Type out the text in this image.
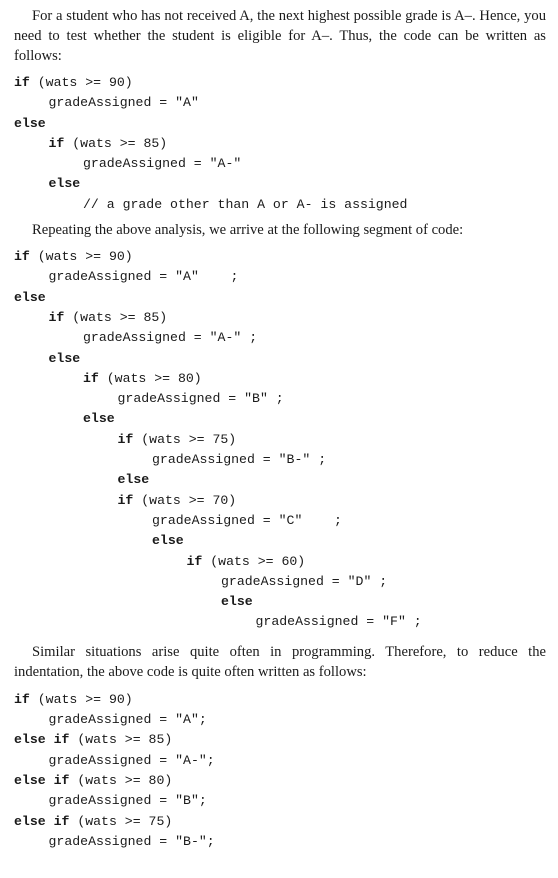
For a student who has not received A, the next highest possible grade is A–. Hence, you need to test whether the student is eligible for A–. Thus, the code can be written as follows:

if (wats >= 90)
gradeAssigned = "A"
else
if (wats >= 85)
gradeAssigned = "A-"
else
// a grade other than A or A- is assigned

Repeating the above analysis, we arrive at the following segment of code:

if (wats >= 90)
gradeAssigned = "A"    ;
else
if (wats >= 85)
gradeAssigned = "A-" ;
else
if (wats >= 80)
gradeAssigned = "B" ;
else
if (wats >= 75)
gradeAssigned = "B-" ;
else
if (wats >= 70)
gradeAssigned = "C"    ;
else
if (wats >= 60)
gradeAssigned = "D" ;
else
gradeAssigned = "F" ;

Similar situations arise quite often in programming. Therefore, to reduce the indentation, the above code is quite often written as follows:

if (wats >= 90)
gradeAssigned = "A";
else if (wats >= 85)
gradeAssigned = "A-";
else if (wats >= 80)
gradeAssigned = "B";
else if (wats >= 75)
gradeAssigned = "B-";
